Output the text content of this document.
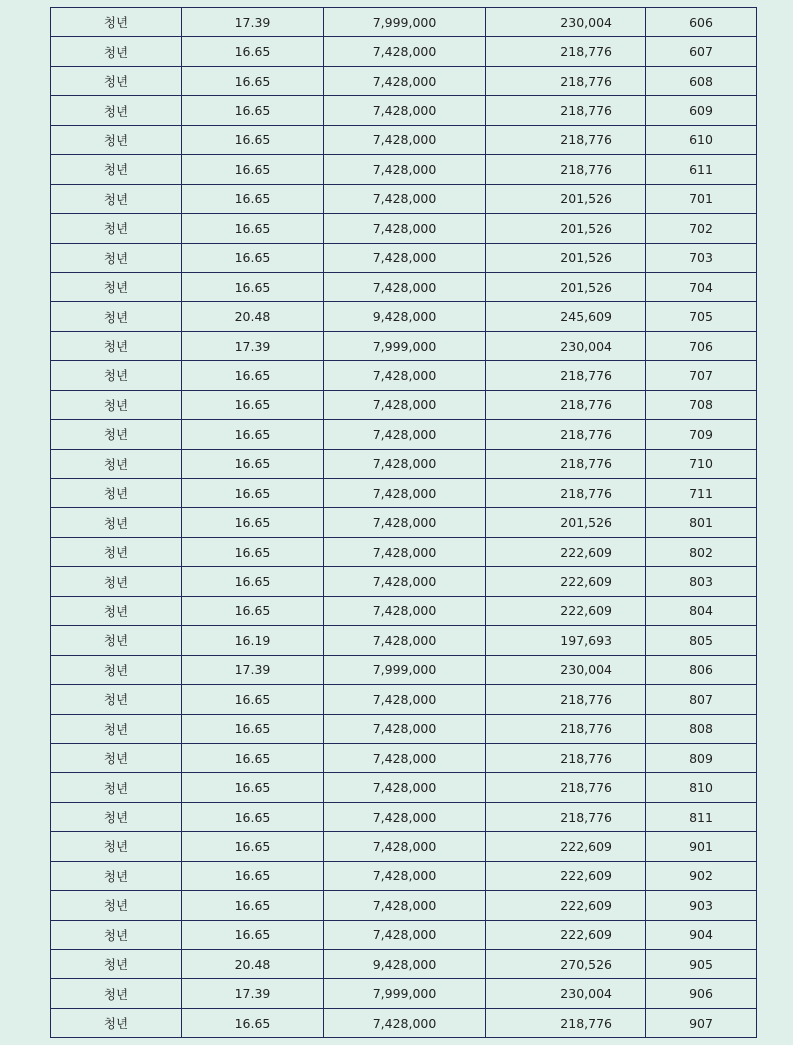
청년	17.39	7,999,000	230,004	606
청년	16.65	7,428,000	218,776	607
청년	16.65	7,428,000	218,776	608
청년	16.65	7,428,000	218,776	609
청년	16.65	7,428,000	218,776	610
청년	16.65	7,428,000	218,776	611
청년	16.65	7,428,000	201,526	701
청년	16.65	7,428,000	201,526	702
청년	16.65	7,428,000	201,526	703
청년	16.65	7,428,000	201,526	704
청년	20.48	9,428,000	245,609	705
청년	17.39	7,999,000	230,004	706
청년	16.65	7,428,000	218,776	707
청년	16.65	7,428,000	218,776	708
청년	16.65	7,428,000	218,776	709
청년	16.65	7,428,000	218,776	710
청년	16.65	7,428,000	218,776	711
청년	16.65	7,428,000	201,526	801
청년	16.65	7,428,000	222,609	802
청년	16.65	7,428,000	222,609	803
청년	16.65	7,428,000	222,609	804
청년	16.19	7,428,000	197,693	805
청년	17.39	7,999,000	230,004	806
청년	16.65	7,428,000	218,776	807
청년	16.65	7,428,000	218,776	808
청년	16.65	7,428,000	218,776	809
청년	16.65	7,428,000	218,776	810
청년	16.65	7,428,000	218,776	811
청년	16.65	7,428,000	222,609	901
청년	16.65	7,428,000	222,609	902
청년	16.65	7,428,000	222,609	903
청년	16.65	7,428,000	222,609	904
청년	20.48	9,428,000	270,526	905
청년	17.39	7,999,000	230,004	906
청년	16.65	7,428,000	218,776	907
